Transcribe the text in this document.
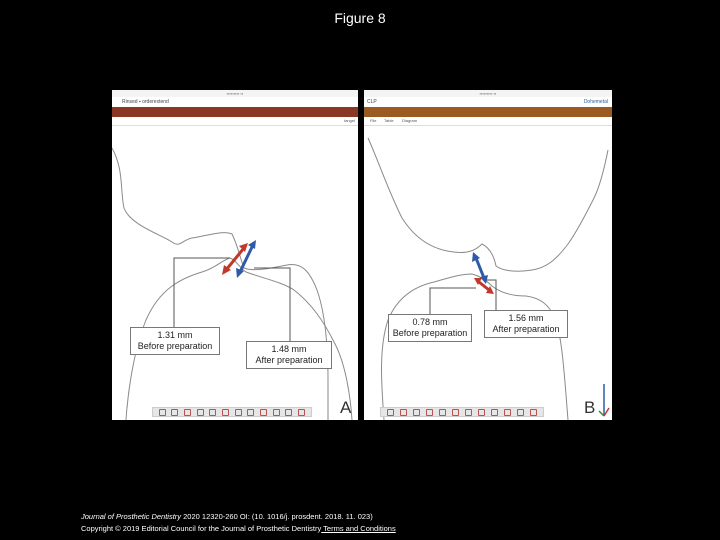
Figure 8
▪▪▪▪▪▪▪▪▪ ▪▪
Rinsed ▪ orderextend
tangel
1.31 mm
Before preparation	1.48 mm
After preparation
A
▪▪▪▪▪▪▪▪▪ ▪▪
CLP	Dohemetal
File Table Diagram
0.78 mm
Before preparation
1.56 mm
After preparation
B
Journal of Prosthetic Dentistry 2020 12320-260 OI: (10. 1016/j. prosdent. 2018. 11. 023)
Copyright © 2019 Editorial Council for the Journal of Prosthetic Dentistry Terms and Conditions
